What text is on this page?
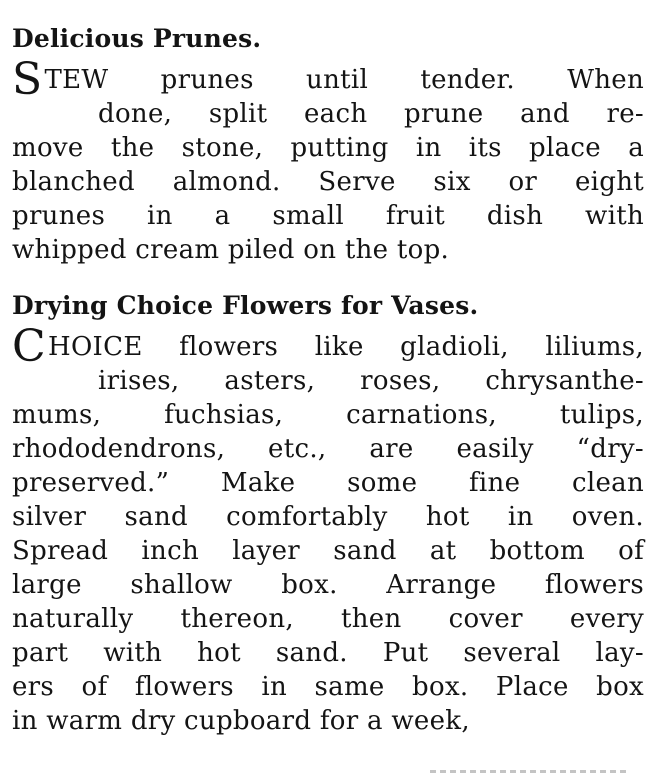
Delicious Prunes.
STEW prunes until tender. When
done, split each prune and re-
move the stone, putting in its place a
blanched almond. Serve six or eight
prunes in a small fruit dish with
whipped cream piled on the top.
Drying Choice Flowers for Vases.
CHOICE flowers like gladioli, liliums,
irises, asters, roses, chrysanthe-
mums, fuchsias, carnations, tulips,
rhododendrons, etc., are easily “dry-
preserved.” Make some fine clean
silver sand comfortably hot in oven.
Spread inch layer sand at bottom of
large shallow box. Arrange flowers
naturally thereon, then cover every
part with hot sand. Put several lay-
ers of flowers in same box. Place box
in warm dry cupboard for a week,
